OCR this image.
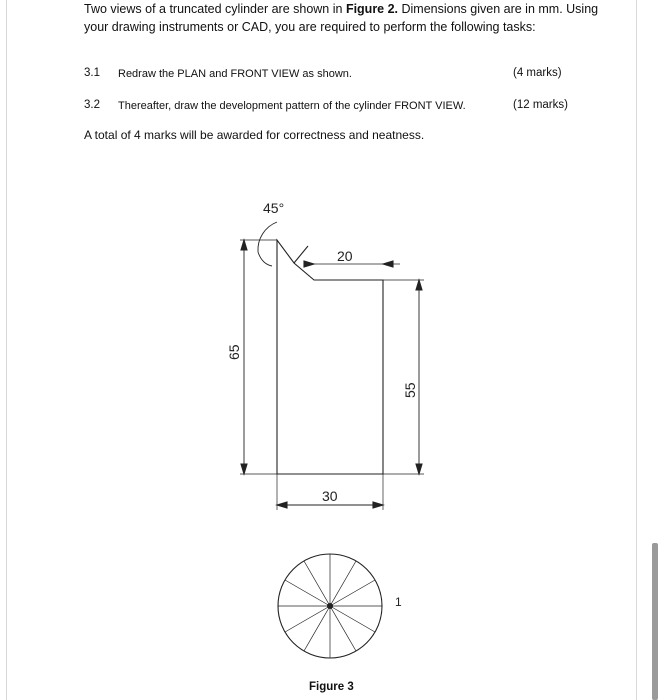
Two views of a truncated cylinder are shown in Figure 2. Dimensions given are in mm. Using your drawing instruments or CAD, you are required to perform the following tasks:
3.1 Redraw the PLAN and FRONT VIEW as shown.	(4 marks)
3.2 Thereafter, draw the development pattern of the cylinder FRONT VIEW.	(12 marks)
A total of 4 marks will be awarded for correctness and neatness.
45°
20
65
55
30
1
Figure 3
